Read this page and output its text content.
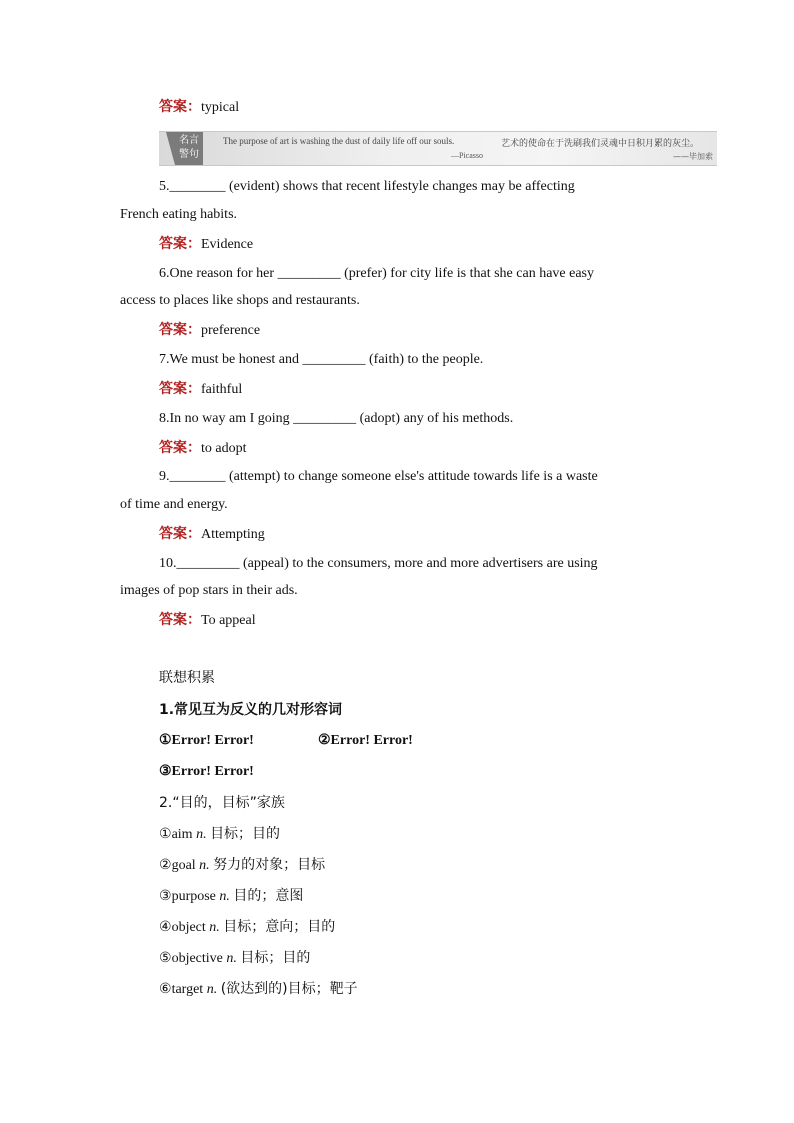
答案：typical
名言警句
The purpose of art is washing the dust of daily life off our souls.
—Picasso
艺术的使命在于洗刷我们灵魂中日积月累的灰尘。
——毕加索
5.________ (evident) shows that recent lifestyle changes may be affecting
French eating habits.
答案：Evidence
6.One reason for her _________ (prefer) for city life is that she can have easy
access to places like shops and restaurants.
答案：preference
7.We must be honest and _________ (faith) to the people.
答案：faithful
8.In no way am I going _________ (adopt) any of his methods.
答案：to adopt
9.________ (attempt) to change someone else's attitude towards life is a waste
of time and energy.
答案：Attempting
10._________ (appeal) to the consumers, more and more advertisers are using
images of pop stars in their ads.
答案：To appeal
联想积累
1.常见互为反义的几对形容词
①Error! Error!	②Error! Error!
③Error! Error!
2.“目的，目标”家族
①aim n. 目标；目的
②goal n. 努力的对象；目标
③purpose n. 目的；意图
④object n. 目标；意向；目的
⑤objective n. 目标；目的
⑥target n. (欲达到的)目标；靶子
